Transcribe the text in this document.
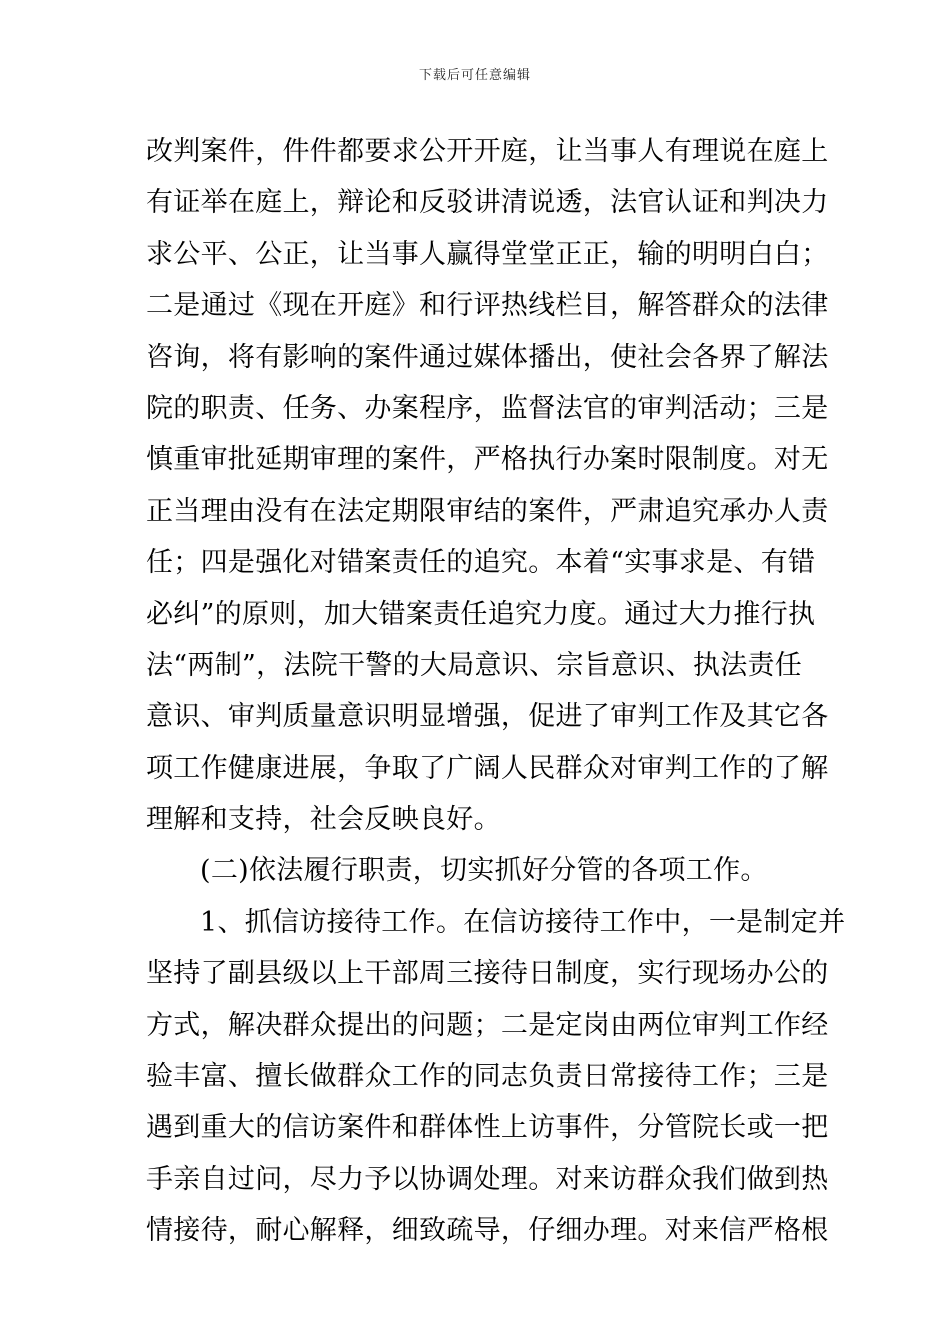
下载后可任意编辑
改判案件，件件都要求公开开庭，让当事人有理说在庭上
有证举在庭上，辩论和反驳讲清说透，法官认证和判决力
求公平、公正，让当事人赢得堂堂正正，输的明明白白；
二是通过《现在开庭》和行评热线栏目，解答群众的法律
咨询，将有影响的案件通过媒体播出，使社会各界了解法
院的职责、任务、办案程序，监督法官的审判活动；三是
慎重审批延期审理的案件，严格执行办案时限制度。对无
正当理由没有在法定期限审结的案件，严肃追究承办人责
任；四是强化对错案责任的追究。本着“实事求是、有错
必纠”的原则，加大错案责任追究力度。通过大力推行执
法“两制”，法院干警的大局意识、宗旨意识、执法责任
意识、审判质量意识明显增强，促进了审判工作及其它各
项工作健康进展，争取了广阔人民群众对审判工作的了解
理解和支持，社会反映良好。
(二)依法履行职责，切实抓好分管的各项工作。
1、抓信访接待工作。在信访接待工作中，一是制定并
坚持了副县级以上干部周三接待日制度，实行现场办公的
方式，解决群众提出的问题；二是定岗由两位审判工作经
验丰富、擅长做群众工作的同志负责日常接待工作；三是
遇到重大的信访案件和群体性上访事件，分管院长或一把
手亲自过问，尽力予以协调处理。对来访群众我们做到热
情接待，耐心解释，细致疏导，仔细办理。对来信严格根
